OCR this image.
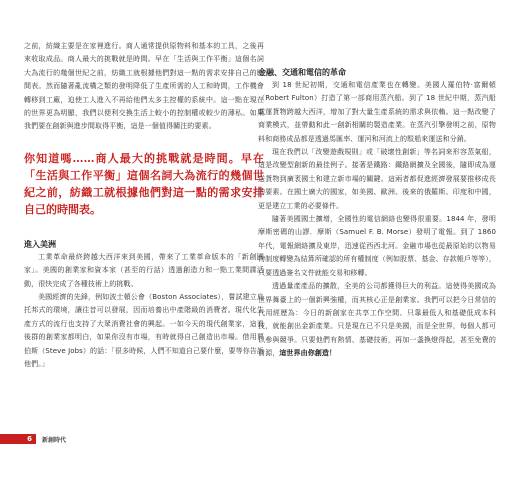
之前，紡織主要是在家裡進行。商人通常提供原物料和基本的工具，之後再來收取成品。商人最大的挑戰就是時間。早在「生活與工作平衡」這個名詞大為流行的幾個世紀之前，紡織工就根據他們對這一點的需求安排自己的時間表。然而隨著亂流橫之類的發明降低了生產所需的人工和時間，工作機會轉移到工廠，迫使工人進入不再給他們太多主控權的系統中。這一點在現在的世界更為明顯，我們以便利交換生活上較小的控制權或較少的薄私。如果我們要在創新與進步間取得平衡，這是一個值得關注的要素。

你知道嗎……商人最大的挑戰就是時間。早在「生活與工作平衡」這個名詞大為流行的幾個世紀之前，紡織工就根據他們對這一點的需求安排自己的時間表。

進入美洲

工業革命最終跨越大西洋來到美國，帶來了工業革命版本的「新創國家」。美國的創業家和資本家（甚至的行話）透過創造力和一點工業間諜活動，很快完成了各種技術上的挑戰。

美國經濟的先鋒，例如波士頓公會（Boston Associates），嘗試建立烏托邦式的環境，讓往昔可以發展，因而培養出中產階級的消費者。現代化生產方式的流行也支持了大眾消費社會的興起。一如今天的現代創業家，這看後群的創業家都明白，如果你沒有市場，有時就得自己創造出市場。借用賈伯斯（Steve Jobs）的話：「很多時候，人們不知道自己要什麼，要等你告訴他們。」

金融、交通和電信的革命

到 18 世紀初期，交通和電信產業也在轉變。美國人羅伯特·富爾頓（Robert Fulton）打造了第一部商用蒸汽船。到了 18 世紀中期，蒸汽船載運貨物跨越大西洋，增加了對大量生產系統的需求與依賴。這一點改變了商業模式，並帶動和此一創新相關的製造產業。在蒸汽引擎發明之前，原物料和商務成品都是透過馬匯率、運河和河流上的駁船來運送和分銷。

現在我們以「改變遊戲規則」或「破壞性創新」等名詞來形容蒸氣船，這是改變型創新的最佳例子。接著是鐵路：鐵路網擴及全國後，隨即成為運送貨物到廣袤國土和建立新市場的關鍵。這兩者都促進經濟發展要推移成長的要素。在國土廣大的國家，如美國、歐洲、後來的俄羅斯、印度和中國，更是建立工業的必要條件。

隨著美國國土擴增，全國性的電信網絡也變得很重要。1844 年，發明摩斯密碼的山謬．摩斯（Samuel F. B. Morse）發明了電報。到了 1860 年代，電報網絡擴及東岸，迅速從西西北河。金融市場也從最原始的以物易物制度轉變為結算所確認的所有權制度（例如股票、基金、存款帳戶等等），只要透過簽名文件就能交易和移轉。

透過量產產品的擴散，全美的公司都獲得巨大的利益。這使得美國成為世界舞臺上的一個新興強權，而其核心正是創業家。我們可以把今日常信的代用經歷為：今日的新創家在共享工作空間、只靠最低人和基礎低成本科技，就能創出金新產業。只是現在已不只是美國，而是全世界，每個人都可以參與競爭。只要他們有熱情、基礎技術，再加一盞換燈得起，甚至免費的資源，這世界由你創造！

6	新創時代
